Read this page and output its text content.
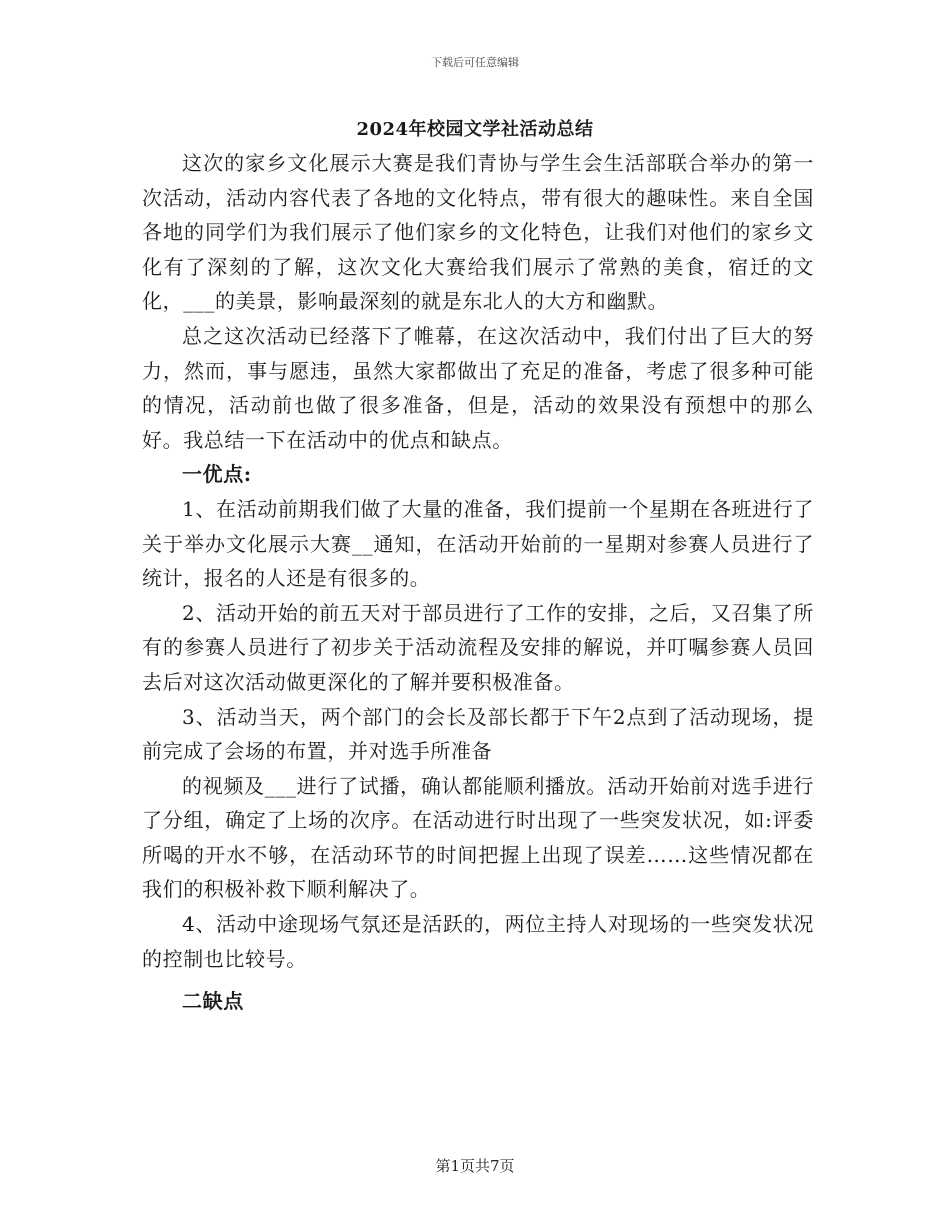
下载后可任意编辑
2024年校园文学社活动总结

这次的家乡文化展示大赛是我们青协与学生会生活部联合举办的第一次活动，活动内容代表了各地的文化特点，带有很大的趣味性。来自全国各地的同学们为我们展示了他们家乡的文化特色，让我们对他们的家乡文化有了深刻的了解，这次文化大赛给我们展示了常熟的美食，宿迁的文化，___的美景，影响最深刻的就是东北人的大方和幽默。

总之这次活动已经落下了帷幕，在这次活动中，我们付出了巨大的努力，然而，事与愿违，虽然大家都做出了充足的准备，考虑了很多种可能的情况，活动前也做了很多准备，但是，活动的效果没有预想中的那么好。我总结一下在活动中的优点和缺点。

一优点:

1、在活动前期我们做了大量的准备，我们提前一个星期在各班进行了关于举办文化展示大赛__通知，在活动开始前的一星期对参赛人员进行了统计，报名的人还是有很多的。

2、活动开始的前五天对于部员进行了工作的安排，之后，又召集了所有的参赛人员进行了初步关于活动流程及安排的解说，并叮嘱参赛人员回去后对这次活动做更深化的了解并要积极准备。

3、活动当天，两个部门的会长及部长都于下午2点到了活动现场，提前完成了会场的布置，并对选手所准备

的视频及___进行了试播，确认都能顺利播放。活动开始前对选手进行了分组，确定了上场的次序。在活动进行时出现了一些突发状况，如:评委所喝的开水不够，在活动环节的时间把握上出现了误差……这些情况都在我们的积极补救下顺利解决了。

4、活动中途现场气氛还是活跃的，两位主持人对现场的一些突发状况的控制也比较号。

二缺点

第1页共7页
